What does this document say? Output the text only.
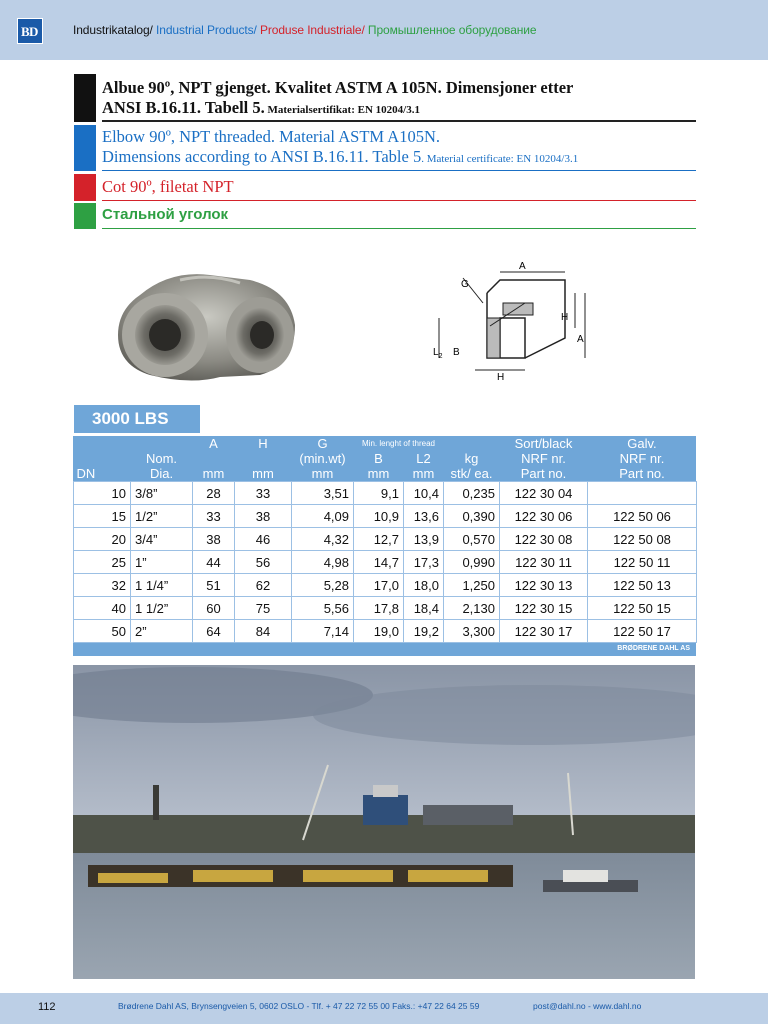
B D	Industrikatalog/ Industrial Products/ Produse Industriale/ Промышленное оборудование
Albue 90º, NPT gjenget. Kvalitet ASTM A 105N. Dimensjoner etter
ANSI B.16.11. Tabell 5. Materialsertifikat: EN 10204/3.1
Elbow 90º, NPT threaded. Material ASTM A105N.
Dimensions according to ANSI B.16.11. Table 5. Material certificate: EN 10204/3.1
Cot 90º, filetat NPT
Стальной уголок
A
H
A
H
$L_2$ B
G
3000 LBS
		A	H	G	Min. lenght of thread			Sort/black	Galv.
	Nom.			(min.wt)	B	L2	kg	NRF nr.	NRF nr.
DN	Dia.	mm	mm	mm	mm	mm	stk/ ea.	Part no.	Part no.
10	3/8”	28	33	3,51	9,1	10,4	0,235	122 30 04	
15	1/2”	33	38	4,09	10,9	13,6	0,390	122 30 06	122 50 06
20	3/4”	38	46	4,32	12,7	13,9	0,570	122 30 08	122 50 08
25	1”	44	56	4,98	14,7	17,3	0,990	122 30 11	122 50 11
32	1 1/4”	51	62	5,28	17,0	18,0	1,250	122 30 13	122 50 13
40	1 1/2”	60	75	5,56	17,8	18,4	2,130	122 30 15	122 50 15
50	2”	64	84	7,14	19,0	19,2	3,300	122 30 17	122 50 17
BRØDRENE DAHL AS
112	Brødrene Dahl AS, Brynsengveien 5, 0602 OSLO - Tlf. + 47 22 72 55 00 Faks.: +47 22 64 25 59	post@dahl.no - www.dahl.no
